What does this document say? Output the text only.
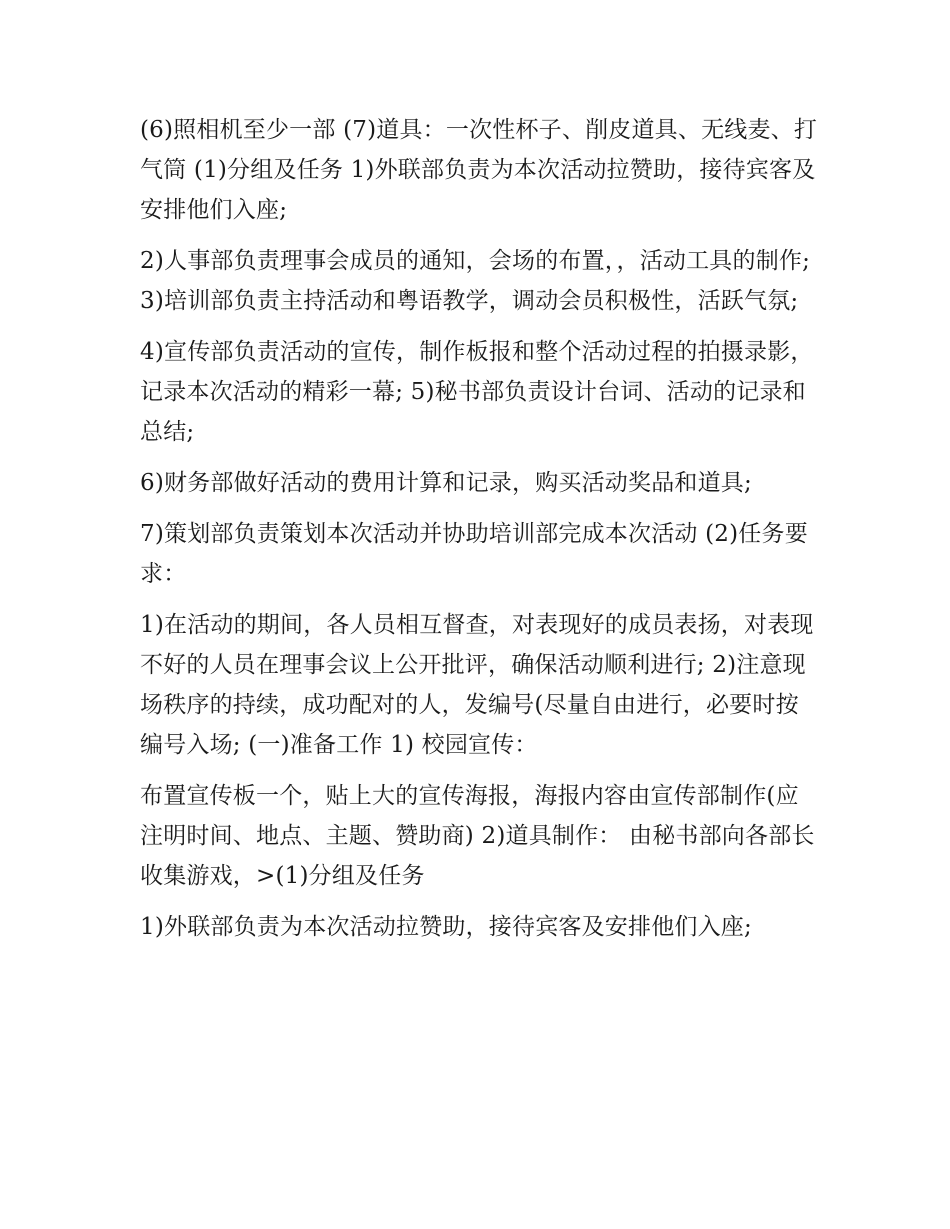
(6)照相机至少一部 (7)道具：一次性杯子、削皮道具、无线麦、打气筒 (1)分组及任务 1)外联部负责为本次活动拉赞助，接待宾客及安排他们入座;

2)人事部负责理事会成员的通知，会场的布置，，活动工具的制作; 3)培训部负责主持活动和粤语教学，调动会员积极性，活跃气氛;

4)宣传部负责活动的宣传，制作板报和整个活动过程的拍摄录影，记录本次活动的精彩一幕; 5)秘书部负责设计台词、活动的记录和总结;

6)财务部做好活动的费用计算和记录，购买活动奖品和道具;

7)策划部负责策划本次活动并协助培训部完成本次活动 (2)任务要求：

1)在活动的期间，各人员相互督查，对表现好的成员表扬，对表现不好的人员在理事会议上公开批评，确保活动顺利进行; 2)注意现场秩序的持续，成功配对的人，发编号(尽量自由进行，必要时按编号入场; (一)准备工作 1) 校园宣传：

布置宣传板一个，贴上大的宣传海报，海报内容由宣传部制作(应注明时间、地点、主题、赞助商) 2)道具制作： 由秘书部向各部长收集游戏，>(1)分组及任务

1)外联部负责为本次活动拉赞助，接待宾客及安排他们入座;
